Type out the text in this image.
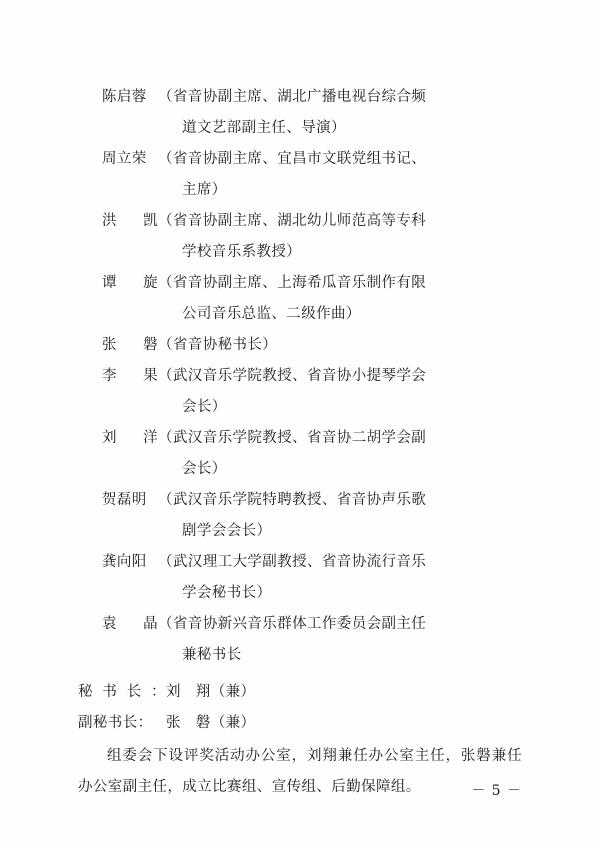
陈启蓉 （省音协副主席、湖北广播电视台综合频
道文艺部副主任、导演）
周立荣 （省音协副主席、宜昌市文联党组书记、
主席）
洪　凯 （省音协副主席、湖北幼儿师范高等专科
学校音乐系教授）
谭　旋 （省音协副主席、上海希瓜音乐制作有限
公司音乐总监、二级作曲）
张　磐 （省音协秘书长）
李　果 （武汉音乐学院教授、省音协小提琴学会
会长）
刘　洋 （武汉音乐学院教授、省音协二胡学会副
会长）
贺磊明 （武汉音乐学院特聘教授、省音协声乐歌
剧学会会长）
龚向阳 （武汉理工大学副教授、省音协流行音乐
学会秘书长）
袁　晶 （省音协新兴音乐群体工作委员会副主任
兼秘书长
秘书长： 刘　翔（兼）
副秘书长： 张　磐（兼）
组委会下设评奖活动办公室，刘翔兼任办公室主任，张磐兼任办公室副主任，成立比赛组、宣传组、后勤保障组。	－ 5 －
